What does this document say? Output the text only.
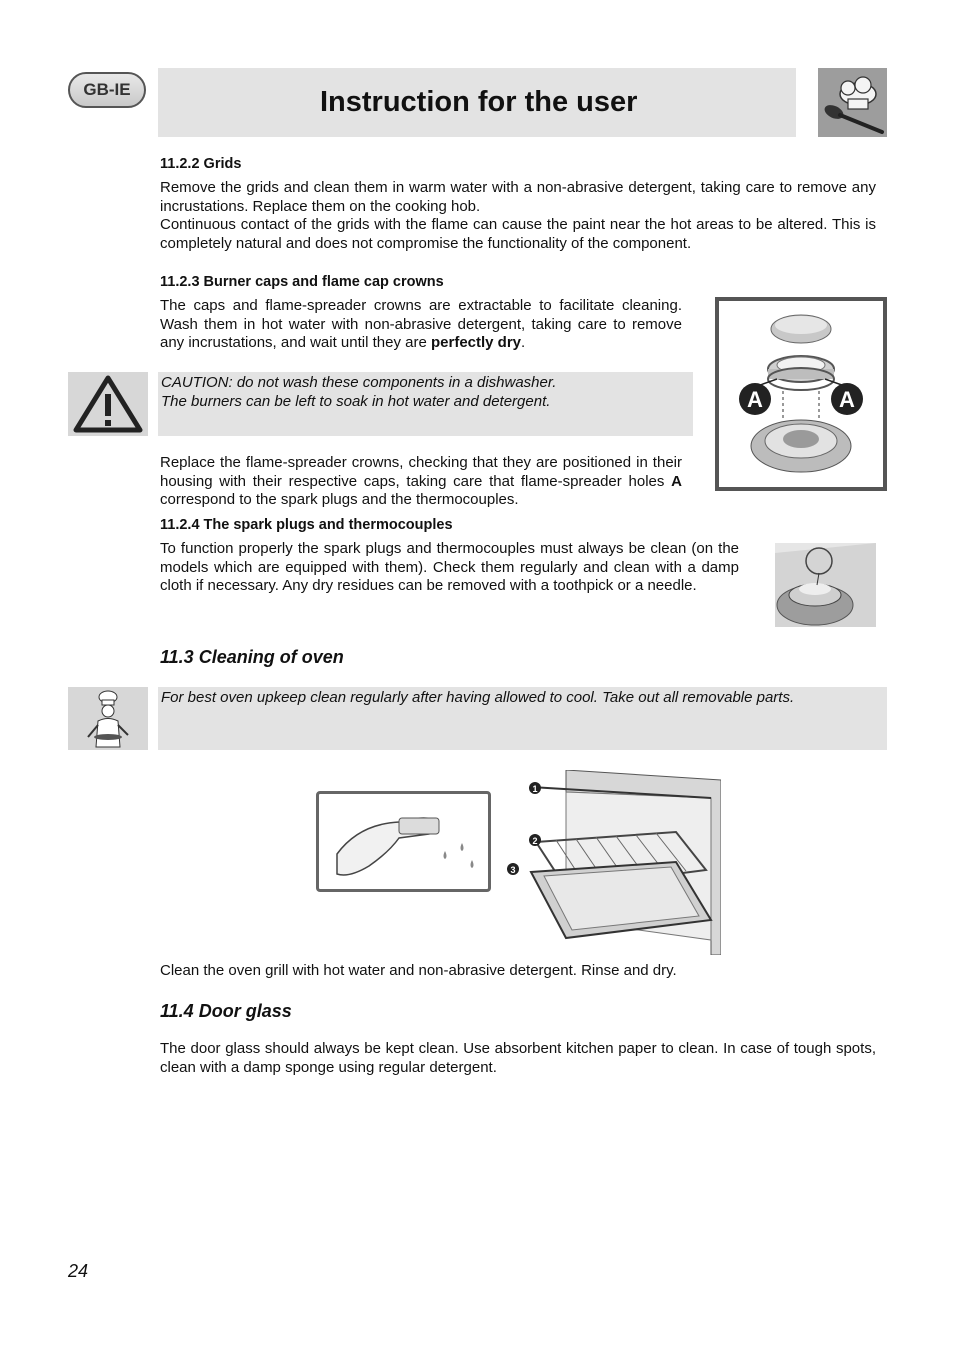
GB-IE	Instruction for the user
11.2.2 Grids

Remove the grids and clean them in warm water with a non-abrasive detergent, taking care to remove any incrustations. Replace them on the cooking hob.

Continuous contact of the grids with the flame can cause the paint near the hot areas to be altered. This is completely natural and does not compromise the functionality of the component.

11.2.3 Burner caps and flame cap crowns

The caps and flame-spreader crowns are extractable to facilitate cleaning. Wash them in hot water with non-abrasive detergent, taking care to remove any incrustations, and wait until they are perfectly dry.

CAUTION: do not wash these components in a dishwasher.
The burners can be left to soak in hot water and detergent.

Replace the flame-spreader crowns, checking that they are positioned in their housing with their respective caps, taking care that flame-spreader holes A correspond to the spark plugs and the thermocouples.

A	A
11.2.4 The spark plugs and thermocouples

To function properly the spark plugs and thermocouples must always be clean (on the models which are equipped with them). Check them regularly and clean with a damp cloth if necessary. Any dry residues can be removed with a toothpick or a needle.

11.3 Cleaning of oven
For best oven upkeep clean regularly after having allowed to cool. Take out all removable parts.
1
2
3

Clean the oven grill with hot water and non-abrasive detergent. Rinse and dry.

11.4 Door glass

The door glass should always be kept clean. Use absorbent kitchen paper to clean. In case of tough spots, clean with a damp sponge using regular detergent.

24
